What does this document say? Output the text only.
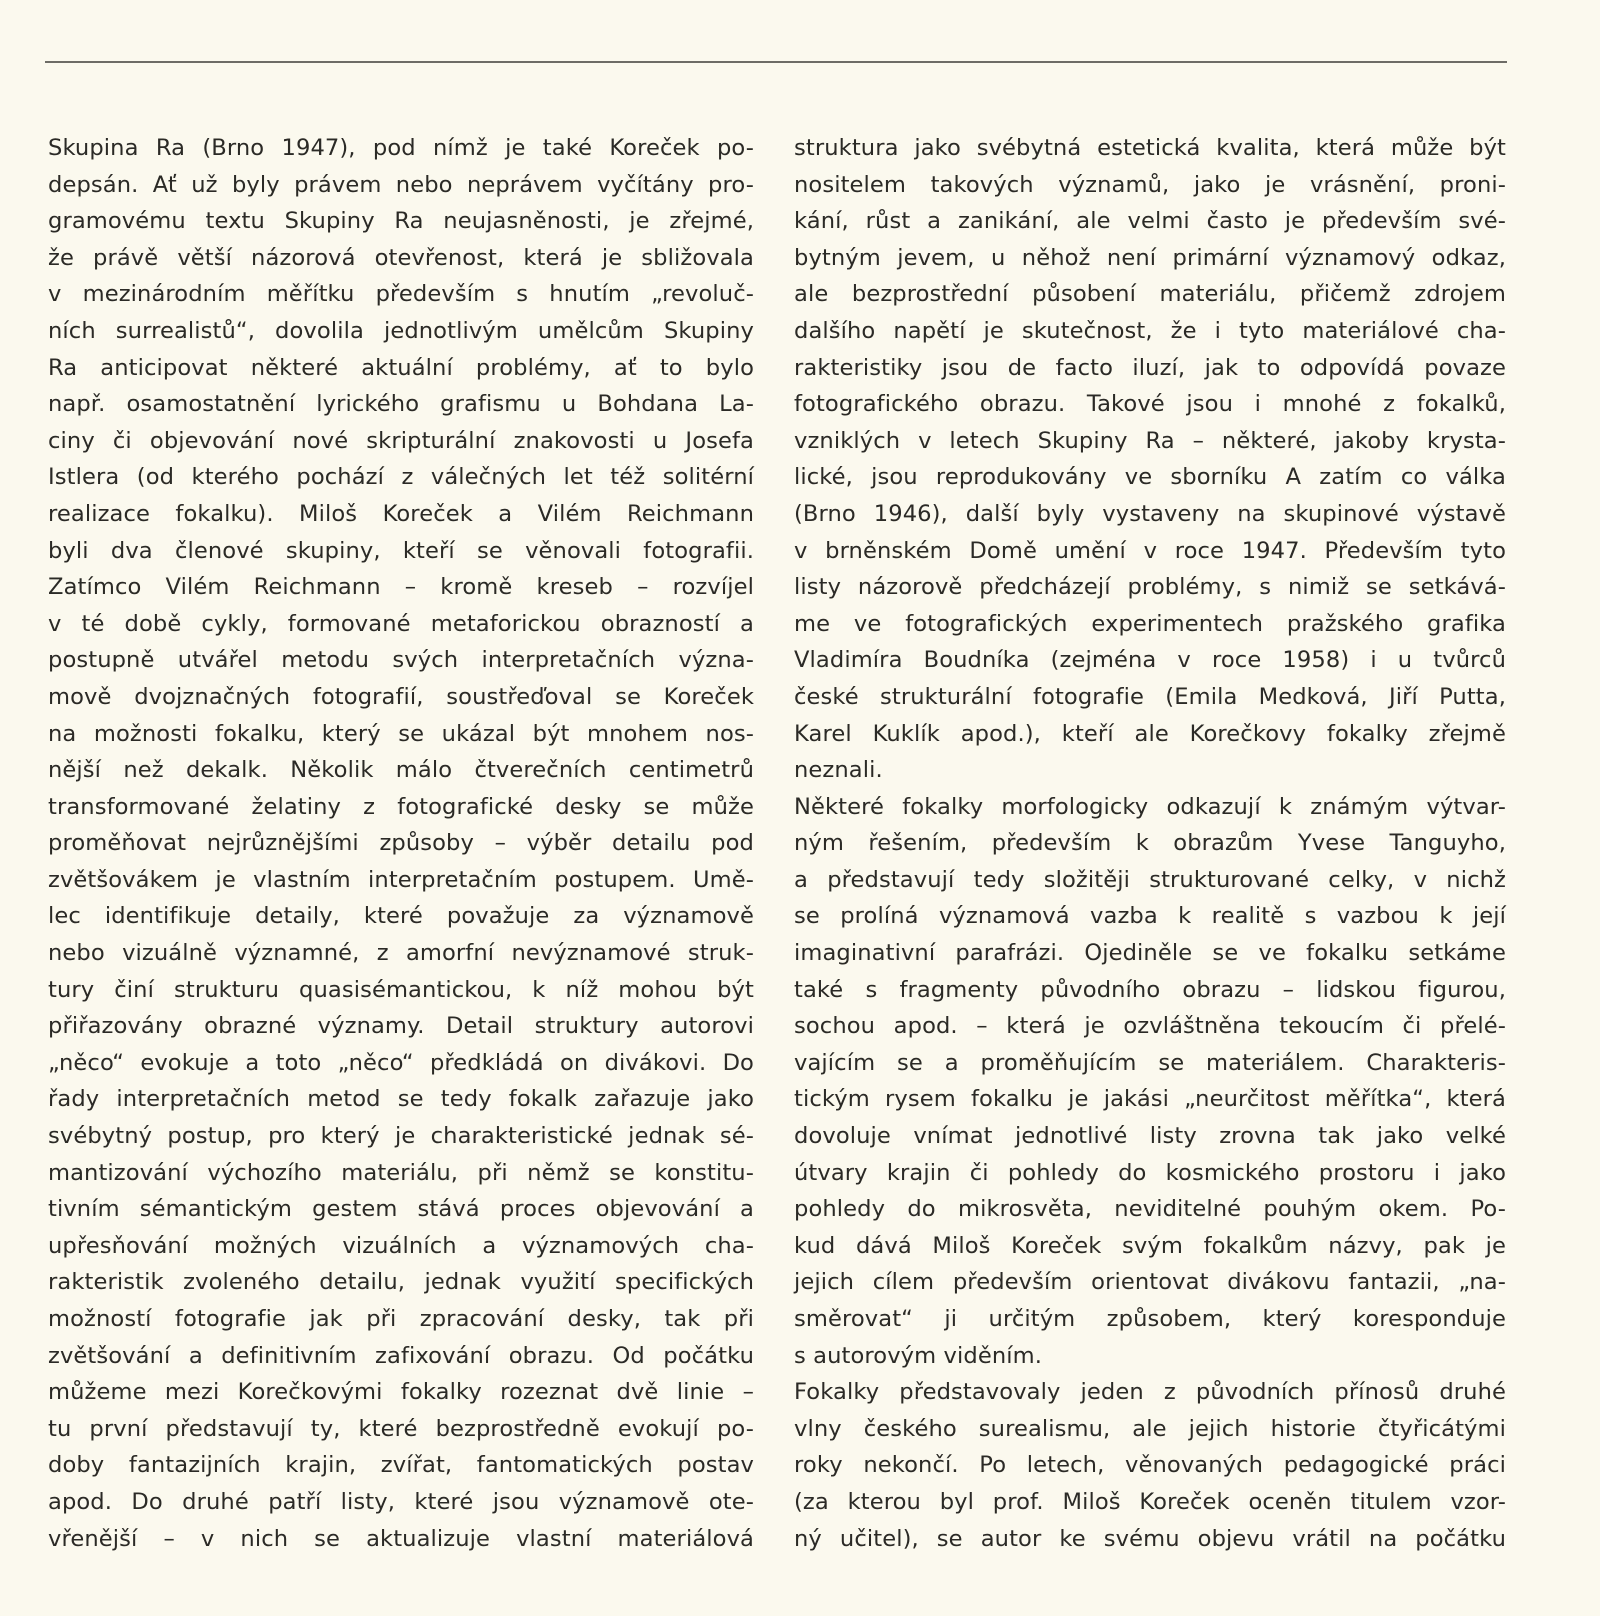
Skupina Ra (Brno 1947), pod nímž je také Koreček po-
depsán. Ať už byly právem nebo neprávem vyčítány pro-
gramovému textu Skupiny Ra neujasněnosti, je zřejmé,
že právě větší názorová otevřenost, která je sbližovala
v mezinárodním měřítku především s hnutím „revoluč-
ních surrealistů“, dovolila jednotlivým umělcům Skupiny
Ra anticipovat některé aktuální problémy, ať to bylo
např. osamostatnění lyrického grafismu u Bohdana La-
ciny či objevování nové skripturální znakovosti u Josefa
Istlera (od kterého pochází z válečných let též solitérní
realizace fokalku). Miloš Koreček a Vilém Reichmann
byli dva členové skupiny, kteří se věnovali fotografii.
Zatímco Vilém Reichmann – kromě kreseb – rozvíjel
v té době cykly, formované metaforickou obrazností a
postupně utvářel metodu svých interpretačních význa-
mově dvojznačných fotografií, soustřeďoval se Koreček
na možnosti fokalku, který se ukázal být mnohem nos-
nější než dekalk. Několik málo čtverečních centimetrů
transformované želatiny z fotografické desky se může
proměňovat nejrůznějšími způsoby – výběr detailu pod
zvětšovákem je vlastním interpretačním postupem. Umě-
lec identifikuje detaily, které považuje za významově
nebo vizuálně významné, z amorfní nevýznamové struk-
tury činí strukturu quasisémantickou, k níž mohou být
přiřazovány obrazné významy. Detail struktury autorovi
„něco“ evokuje a toto „něco“ předkládá on divákovi. Do
řady interpretačních metod se tedy fokalk zařazuje jako
svébytný postup, pro který je charakteristické jednak sé-
mantizování výchozího materiálu, při němž se konstitu-
tivním sémantickým gestem stává proces objevování a
upřesňování možných vizuálních a významových cha-
rakteristik zvoleného detailu, jednak využití specifických
možností fotografie jak při zpracování desky, tak při
zvětšování a definitivním zafixování obrazu. Od počátku
můžeme mezi Korečkovými fokalky rozeznat dvě linie –
tu první představují ty, které bezprostředně evokují po-
doby fantazijních krajin, zvířat, fantomatických postav
apod. Do druhé patří listy, které jsou významově ote-
vřenější – v nich se aktualizuje vlastní materiálová
struktura jako svébytná estetická kvalita, která může být
nositelem takových významů, jako je vrásnění, proni-
kání, růst a zanikání, ale velmi často je především své-
bytným jevem, u něhož není primární významový odkaz,
ale bezprostřední působení materiálu, přičemž zdrojem
dalšího napětí je skutečnost, že i tyto materiálové cha-
rakteristiky jsou de facto iluzí, jak to odpovídá povaze
fotografického obrazu. Takové jsou i mnohé z fokalků,
vzniklých v letech Skupiny Ra – některé, jakoby krysta-
lické, jsou reprodukovány ve sborníku A zatím co válka
(Brno 1946), další byly vystaveny na skupinové výstavě
v brněnském Domě umění v roce 1947. Především tyto
listy názorově předcházejí problémy, s nimiž se setkává-
me ve fotografických experimentech pražského grafika
Vladimíra Boudníka (zejména v roce 1958) i u tvůrců
české strukturální fotografie (Emila Medková, Jiří Putta,
Karel Kuklík apod.), kteří ale Korečkovy fokalky zřejmě
neznali.
Některé fokalky morfologicky odkazují k známým výtvar-
ným řešením, především k obrazům Yvese Tanguyho,
a představují tedy složitěji strukturované celky, v nichž
se prolíná významová vazba k realitě s vazbou k její
imaginativní parafrázi. Ojediněle se ve fokalku setkáme
také s fragmenty původního obrazu – lidskou figurou,
sochou apod. – která je ozvláštněna tekoucím či přelé-
vajícím se a proměňujícím se materiálem. Charakteris-
tickým rysem fokalku je jakási „neurčitost měřítka“, která
dovoluje vnímat jednotlivé listy zrovna tak jako velké
útvary krajin či pohledy do kosmického prostoru i jako
pohledy do mikrosvěta, neviditelné pouhým okem. Po-
kud dává Miloš Koreček svým fokalkům názvy, pak je
jejich cílem především orientovat divákovu fantazii, „na-
směrovat“ ji určitým způsobem, který koresponduje
s autorovým viděním.
Fokalky představovaly jeden z původních přínosů druhé
vlny českého surealismu, ale jejich historie čtyřicátými
roky nekončí. Po letech, věnovaných pedagogické práci
(za kterou byl prof. Miloš Koreček oceněn titulem vzor-
ný učitel), se autor ke svému objevu vrátil na počátku
